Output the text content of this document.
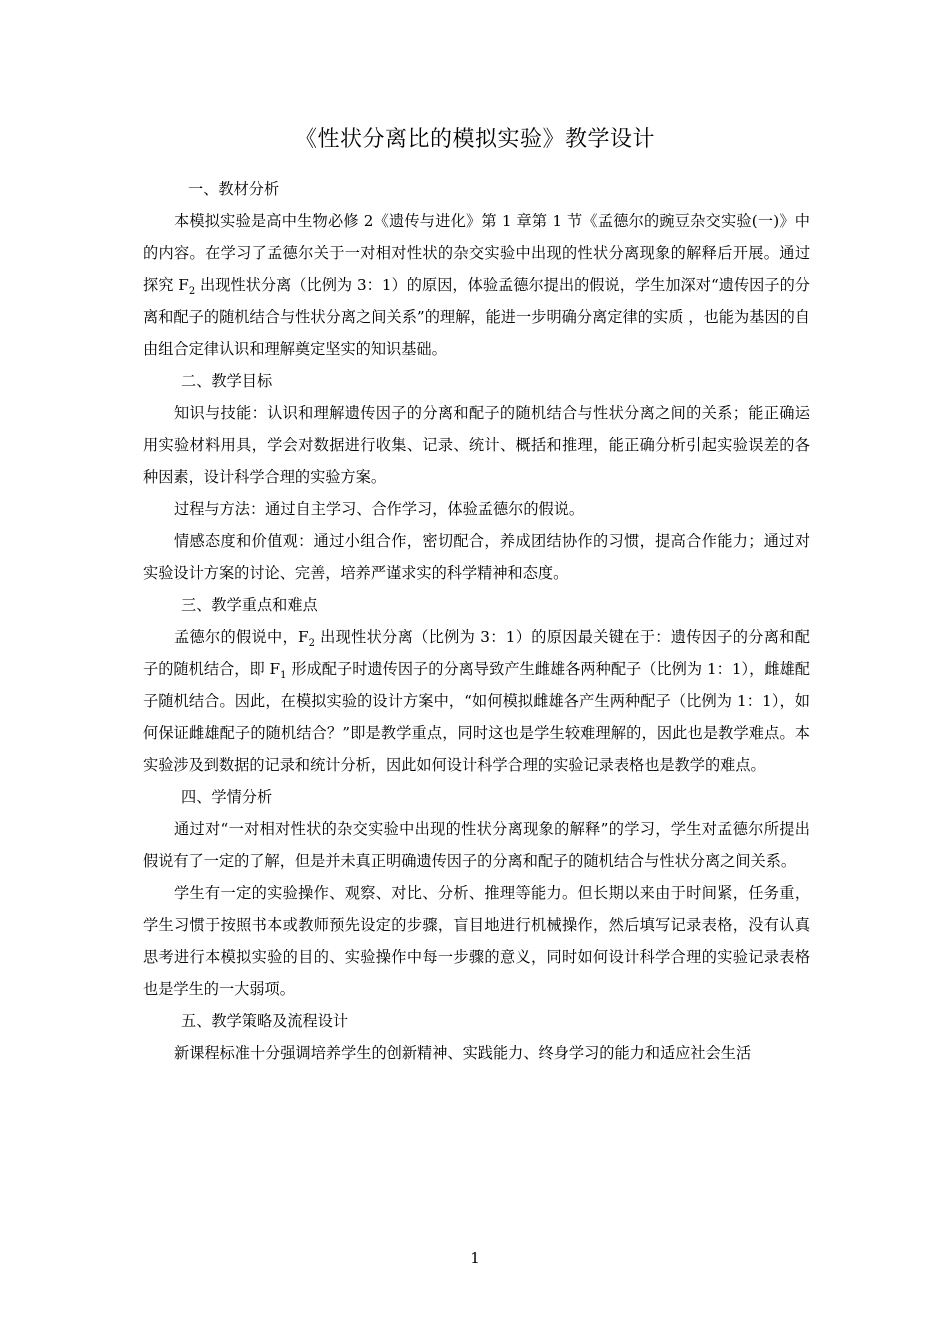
《性状分离比的模拟实验》教学设计

一、教材分析

本模拟实验是高中生物必修 2《遗传与进化》第 1 章第 1 节《孟德尔的豌豆杂交实验(一)》中的内容。在学习了孟德尔关于一对相对性状的杂交实验中出现的性状分离现象的解释后开展。通过探究 $F_2$ 出现性状分离（比例为 3：1）的原因，体验孟德尔提出的假说，学生加深对“遗传因子的分离和配子的随机结合与性状分离之间关系”的理解，能进一步明确分离定律的实质 ，也能为基因的自由组合定律认识和理解奠定坚实的知识基础。

二、教学目标

知识与技能：认识和理解遗传因子的分离和配子的随机结合与性状分离之间的关系；能正确运用实验材料用具，学会对数据进行收集、记录、统计、概括和推理，能正确分析引起实验误差的各种因素，设计科学合理的实验方案。

过程与方法：通过自主学习、合作学习，体验孟德尔的假说。

情感态度和价值观：通过小组合作，密切配合，养成团结协作的习惯，提高合作能力；通过对实验设计方案的讨论、完善，培养严谨求实的科学精神和态度。

三、教学重点和难点

孟德尔的假说中，$F_2$ 出现性状分离（比例为 3：1）的原因最关键在于：遗传因子的分离和配子的随机结合，即 $F_1$ 形成配子时遗传因子的分离导致产生雌雄各两种配子（比例为 1：1），雌雄配子随机结合。因此，在模拟实验的设计方案中，“如何模拟雌雄各产生两种配子（比例为 1：1），如何保证雌雄配子的随机结合？”即是教学重点，同时这也是学生较难理解的，因此也是教学难点。本实验涉及到数据的记录和统计分析，因此如何设计科学合理的实验记录表格也是教学的难点。

四、学情分析

通过对“一对相对性状的杂交实验中出现的性状分离现象的解释”的学习，学生对孟德尔所提出假说有了一定的了解，但是并未真正明确遗传因子的分离和配子的随机结合与性状分离之间关系。

学生有一定的实验操作、观察、对比、分析、推理等能力。但长期以来由于时间紧，任务重，学生习惯于按照书本或教师预先设定的步骤，盲目地进行机械操作，然后填写记录表格，没有认真思考进行本模拟实验的目的、实验操作中每一步骤的意义，同时如何设计科学合理的实验记录表格也是学生的一大弱项。

五、教学策略及流程设计

新课程标准十分强调培养学生的创新精神、实践能力、终身学习的能力和适应社会生活

1
